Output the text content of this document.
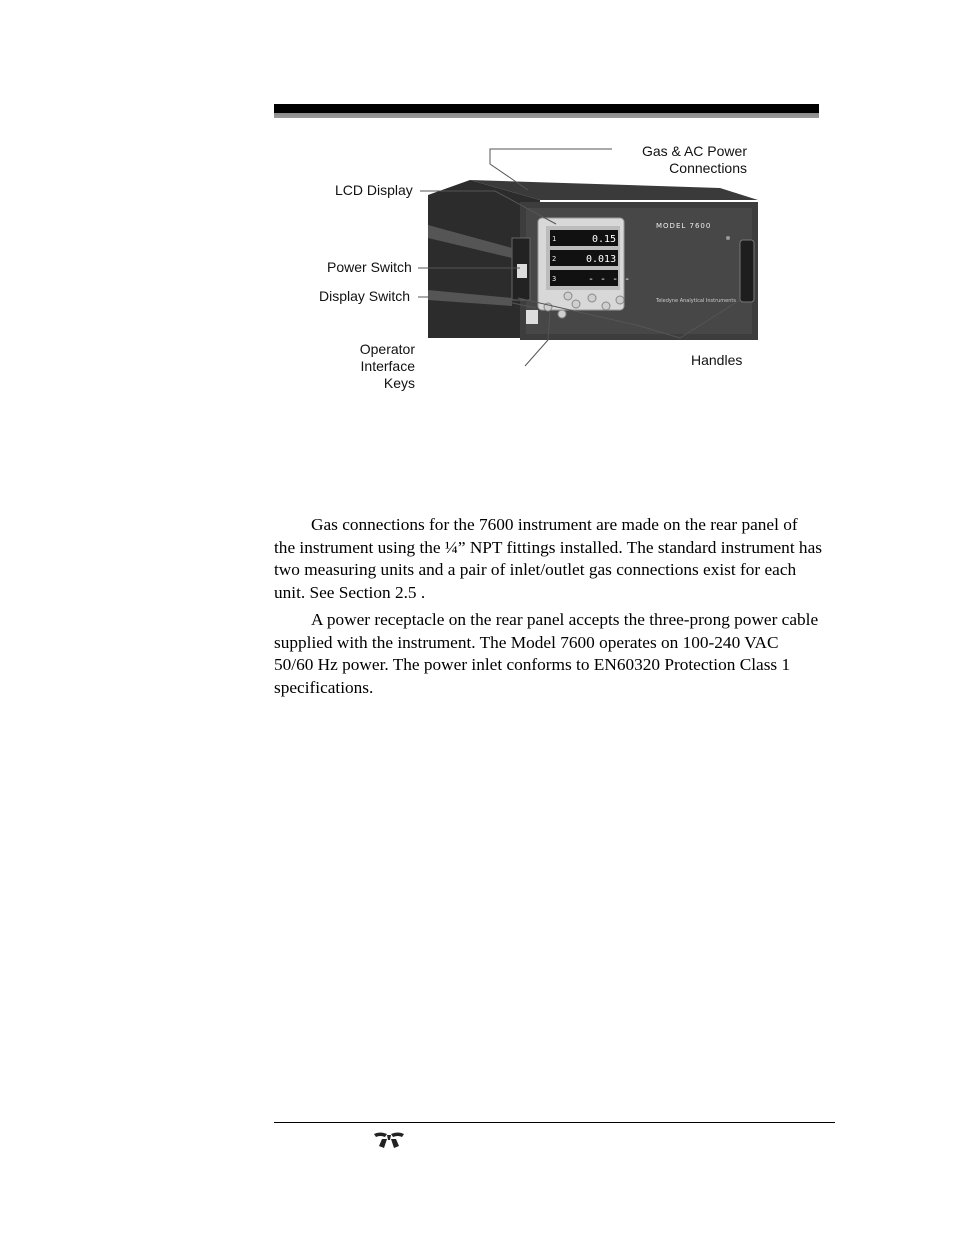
1	0.15
2	0.013
3	- - - -
MODEL 7600
Teledyne Analytical Instruments
Gas & AC Power
Connections
LCD Display
Power Switch
Display Switch
Operator
Interface
Keys
Handles

Gas connections for the 7600 instrument are made on the rear panel of the instrument using the ¼” NPT fittings installed. The standard instrument has two measuring units and a pair of inlet/outlet gas connections exist for each unit. See Section 2.5 .

A power receptacle on the rear panel accepts the three-prong power cable supplied with the instrument. The Model 7600 operates on 100-240 VAC 50/60 Hz power. The power inlet conforms to EN60320 Protection Class 1 specifications.
